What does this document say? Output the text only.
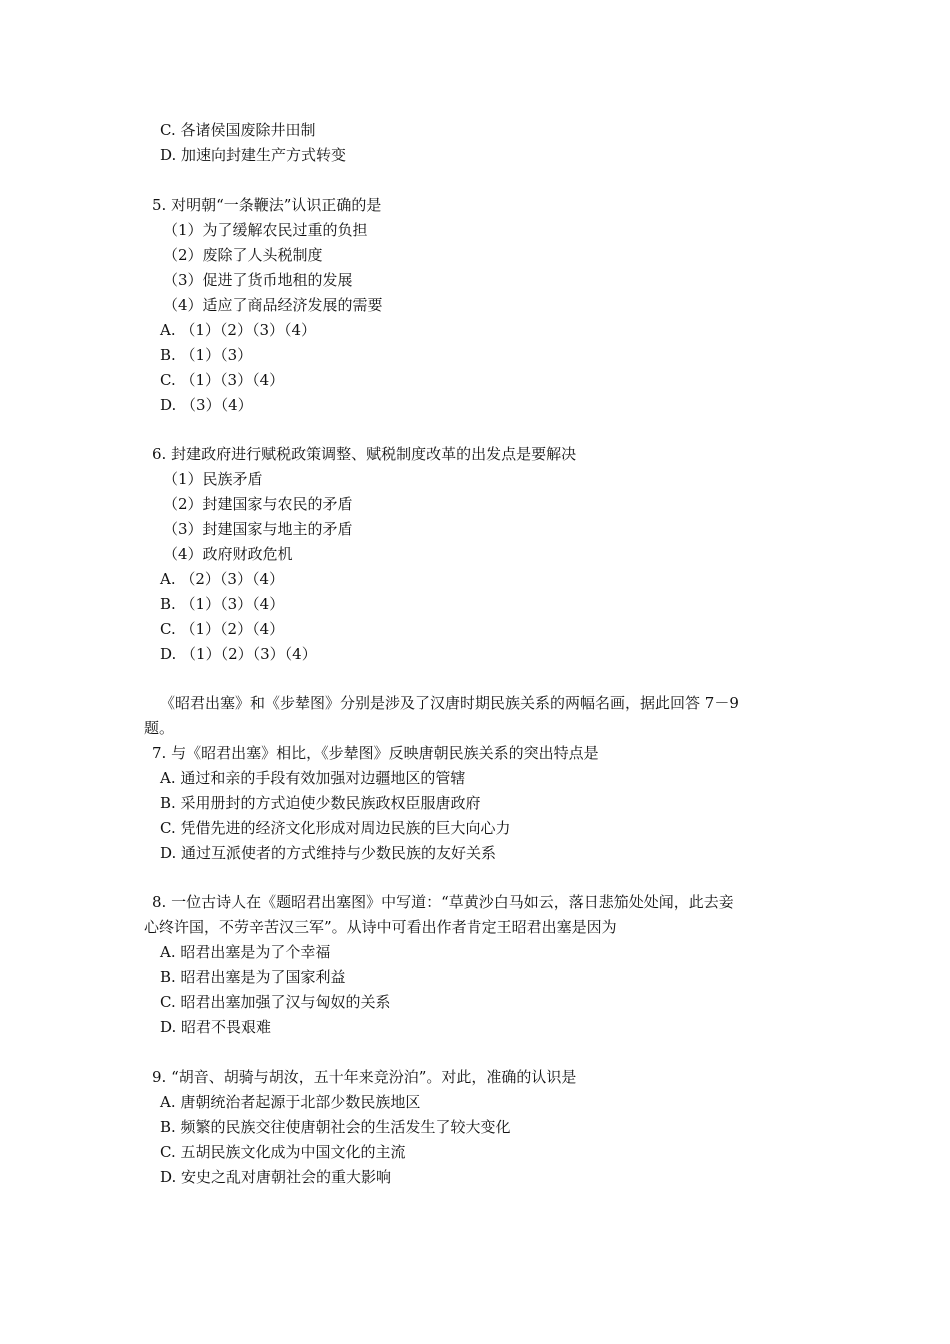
C. 各诸侯国废除井田制
D. 加速向封建生产方式转变
5. 对明朝“一条鞭法”认识正确的是
（1）为了缓解农民过重的负担
（2）废除了人头税制度
（3）促进了货币地租的发展
（4）适应了商品经济发展的需要
A. （1）（2）（3）（4）
B. （1）（3）
C. （1）（3）（4）
D. （3）（4）
6. 封建政府进行赋税政策调整、赋税制度改革的出发点是要解决
（1）民族矛盾
（2）封建国家与农民的矛盾
（3）封建国家与地主的矛盾
（4）政府财政危机
A. （2）（3）（4）
B. （1）（3）（4）
C. （1）（2）（4）
D. （1）（2）（3）（4）
《昭君出塞》和《步辇图》分别是涉及了汉唐时期民族关系的两幅名画，据此回答 7－9
题。
7. 与《昭君出塞》相比，《步辇图》反映唐朝民族关系的突出特点是
A. 通过和亲的手段有效加强对边疆地区的管辖
B. 采用册封的方式迫使少数民族政权臣服唐政府
C. 凭借先进的经济文化形成对周边民族的巨大向心力
D. 通过互派使者的方式维持与少数民族的友好关系
8. 一位古诗人在《题昭君出塞图》中写道：“草黄沙白马如云，落日悲笳处处闻，此去妾
心终许国，不劳辛苦汉三军”。从诗中可看出作者肯定王昭君出塞是因为
A. 昭君出塞是为了个幸福
B. 昭君出塞是为了国家利益
C. 昭君出塞加强了汉与匈奴的关系
D. 昭君不畏艰难
9. “胡音、胡骑与胡汝，五十年来竞汾泊”。对此，准确的认识是
A. 唐朝统治者起源于北部少数民族地区
B. 频繁的民族交往使唐朝社会的生活发生了较大变化
C. 五胡民族文化成为中国文化的主流
D. 安史之乱对唐朝社会的重大影响
